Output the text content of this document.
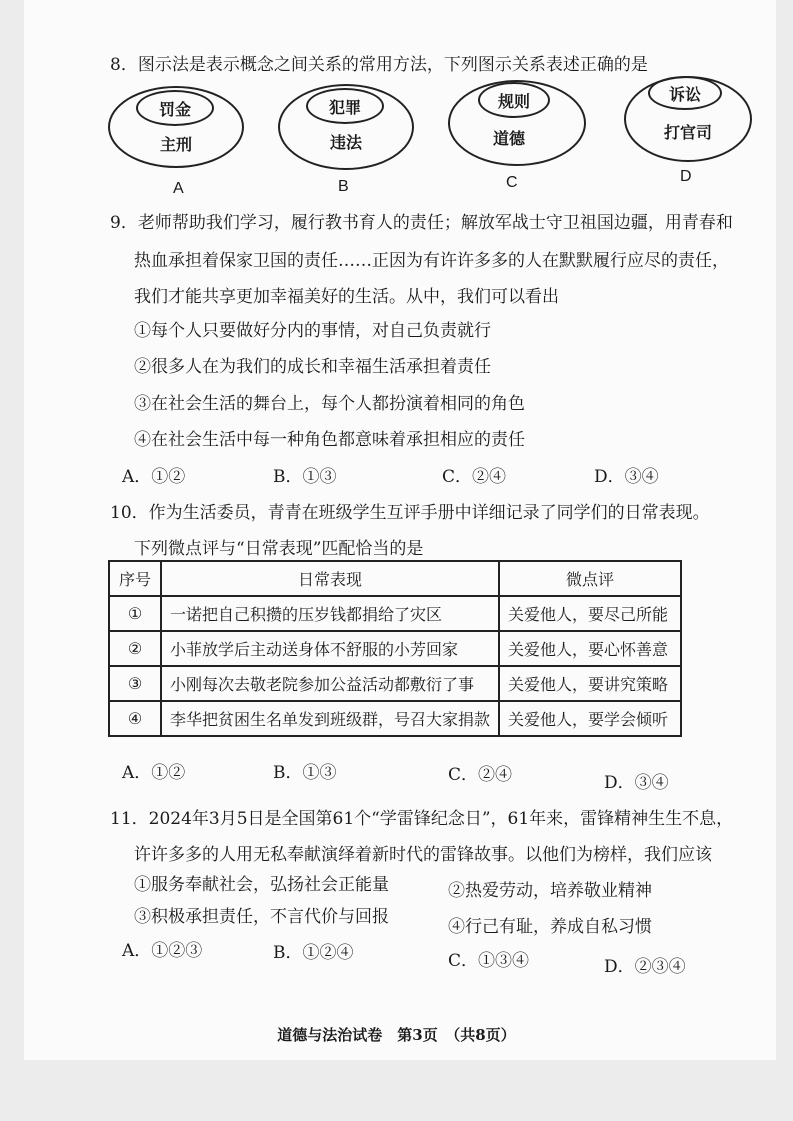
8．图示法是表示概念之间关系的常用方法，下列图示关系表述正确的是
罚金
主刑
A
犯罪
违法
B
规则
道德
C
诉讼
打官司
D
9．老师帮助我们学习，履行教书育人的责任；解放军战士守卫祖国边疆，用青春和
热血承担着保家卫国的责任……正因为有许许多多的人在默默履行应尽的责任，
我们才能共享更加幸福美好的生活。从中，我们可以看出
①每个人只要做好分内的事情，对自己负责就行
②很多人在为我们的成长和幸福生活承担着责任
③在社会生活的舞台上，每个人都扮演着相同的角色
④在社会生活中每一种角色都意味着承担相应的责任
A．①②	B．①③	C．②④	D．③④
10．作为生活委员，青青在班级学生互评手册中详细记录了同学们的日常表现。
下列微点评与“日常表现”匹配恰当的是
序号	日常表现	微点评
①	一诺把自己积攒的压岁钱都捐给了灾区	关爱他人，要尽己所能
②	小菲放学后主动送身体不舒服的小芳回家	关爱他人，要心怀善意
③	小刚每次去敬老院参加公益活动都敷衍了事	关爱他人，要讲究策略
④	李华把贫困生名单发到班级群，号召大家捐款	关爱他人，要学会倾听
A．①②	B．①③	C．②④	D．③④
11．2024年3月5日是全国第61个“学雷锋纪念日”，61年来，雷锋精神生生不息，
许许多多的人用无私奉献演绎着新时代的雷锋故事。以他们为榜样，我们应该
①服务奉献社会，弘扬社会正能量	②热爱劳动，培养敬业精神
③积极承担责任，不言代价与回报	④行己有耻，养成自私习惯
A．①②③	B．①②④	C．①③④	D．②③④
道德与法治试卷　第3页　（共8页）
